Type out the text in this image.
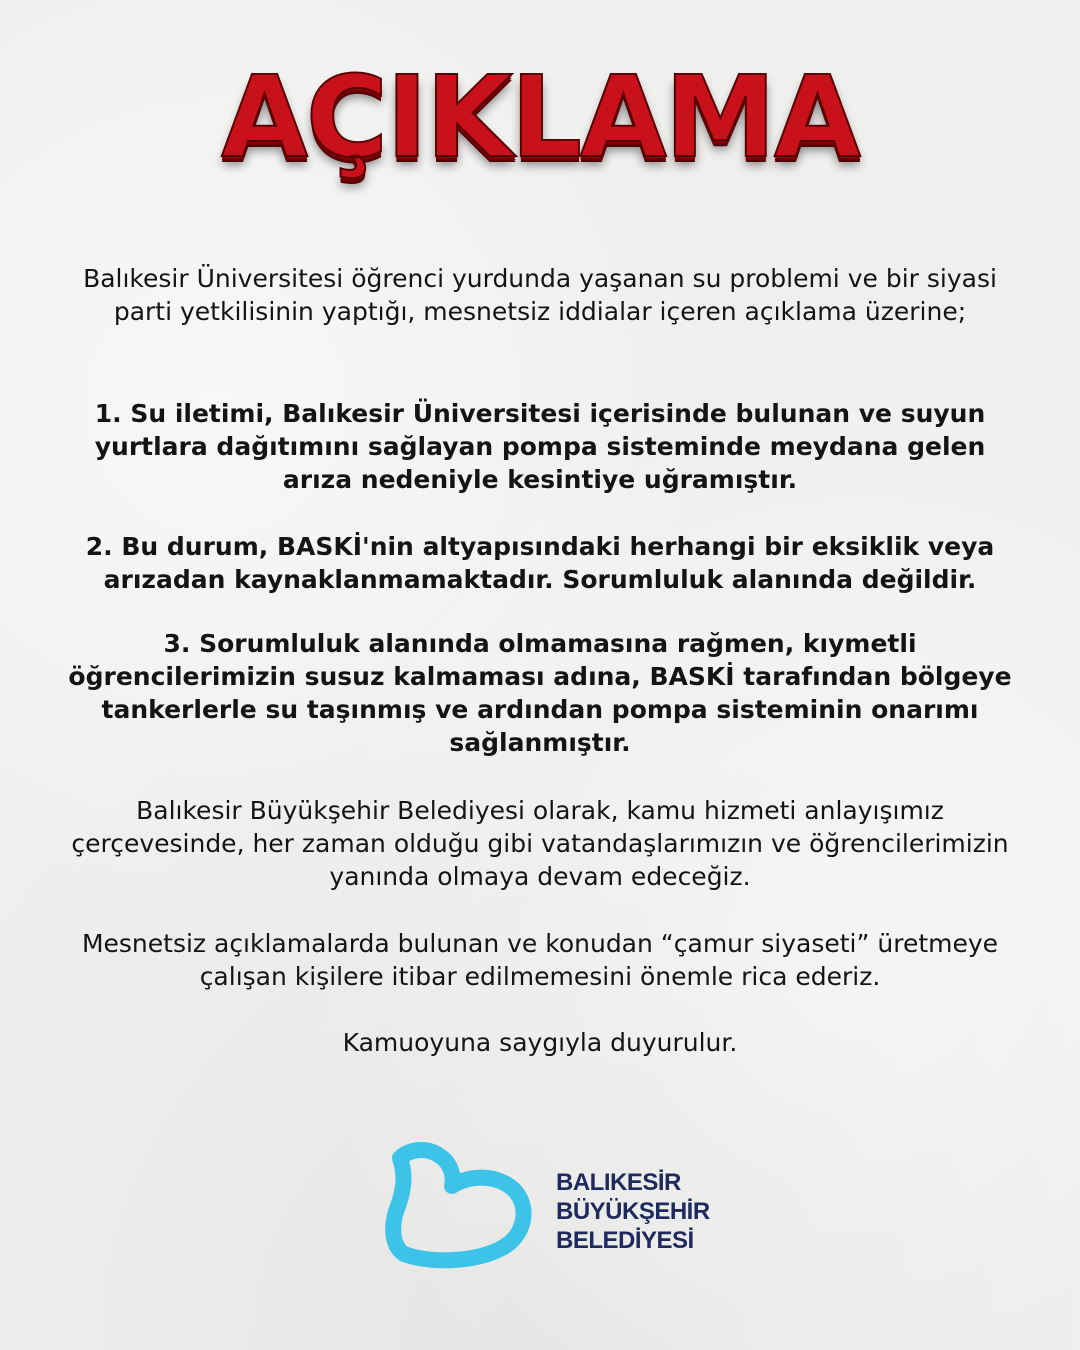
AÇIKLAMA

Balıkesir Üniversitesi öğrenci yurdunda yaşanan su problemi ve bir siyasi parti yetkilisinin yaptığı, mesnetsiz iddialar içeren açıklama üzerine;

1. Su iletimi, Balıkesir Üniversitesi içerisinde bulunan ve suyun yurtlara dağıtımını sağlayan pompa sisteminde meydana gelen arıza nedeniyle kesintiye uğramıştır.

2. Bu durum, BASKİ'nin altyapısındaki herhangi bir eksiklik veya arızadan kaynaklanmamaktadır. Sorumluluk alanında değildir.

3. Sorumluluk alanında olmamasına rağmen, kıymetli öğrencilerimizin susuz kalmaması adına, BASKİ tarafından bölgeye tankerlerle su taşınmış ve ardından pompa sisteminin onarımı sağlanmıştır.

Balıkesir Büyükşehir Belediyesi olarak, kamu hizmeti anlayışımız çerçevesinde, her zaman olduğu gibi vatandaşlarımızın ve öğrencilerimizin yanında olmaya devam edeceğiz.

Mesnetsiz açıklamalarda bulunan ve konudan “çamur siyaseti” üretmeye çalışan kişilere itibar edilmemesini önemle rica ederiz.

Kamuoyuna saygıyla duyurulur.

BALIKESİR
BÜYÜKŞEHİR
BELEDİYESİ
